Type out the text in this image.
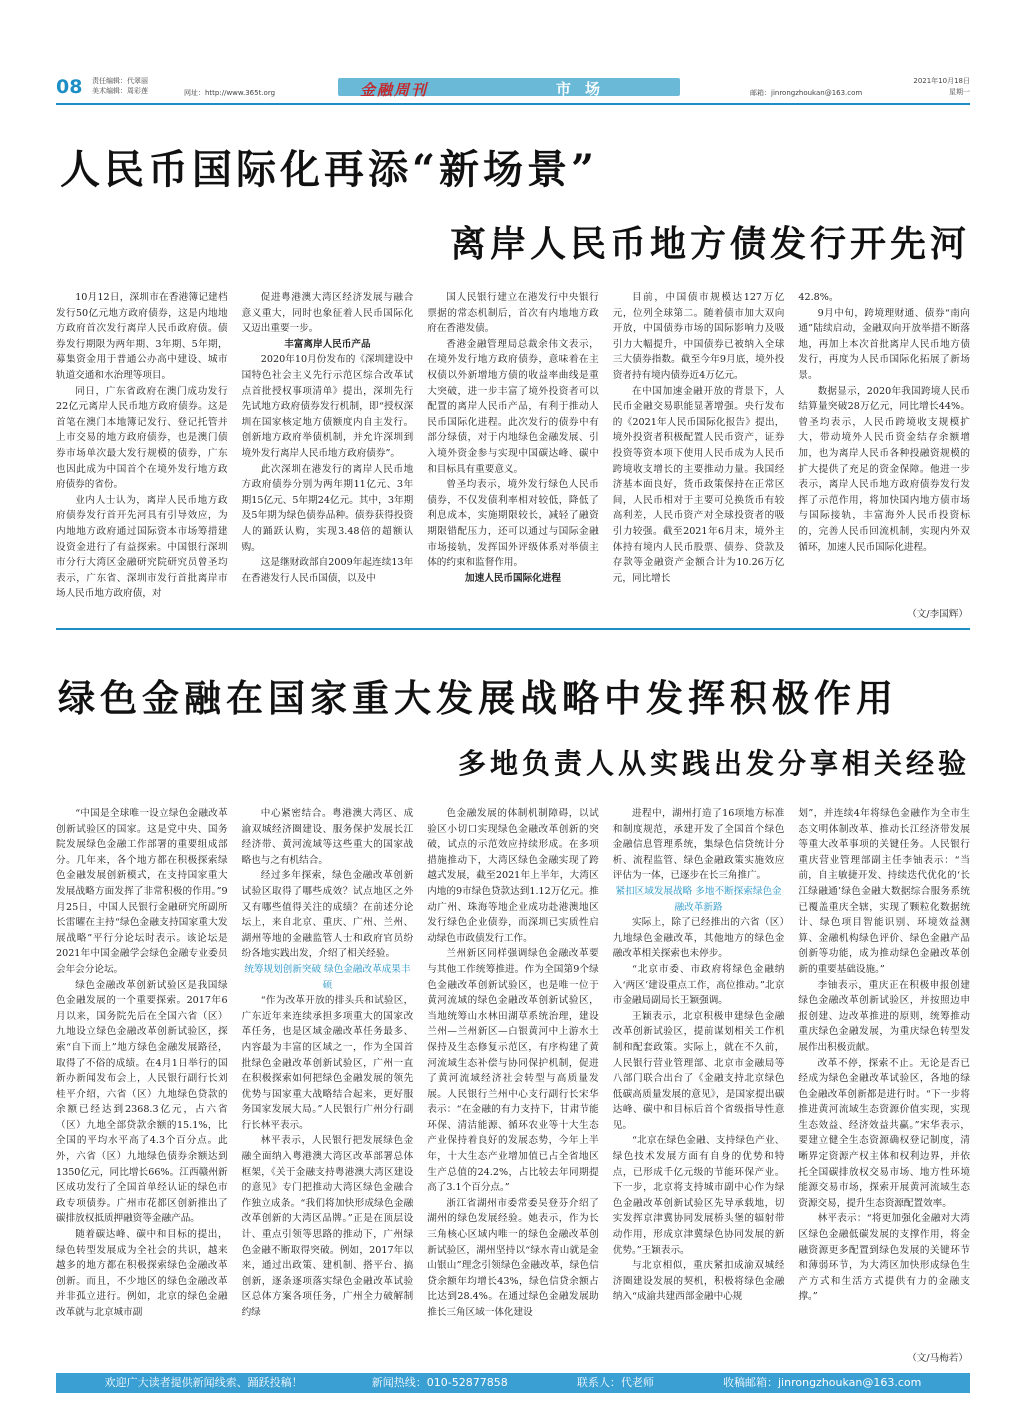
08 责任编辑：代翠丽
美术编辑：周彩莲	网址：http://www.365t.org	金融周刊	市场	邮箱：jinrongzhoukan@163.com
2021年10月18日
星期一
人民币国际化再添“新场景”
离岸人民币地方债发行开先河

10月12日，深圳市在香港簿记建档发行50亿元地方政府债券，这是内地地方政府首次发行离岸人民币政府债。债券发行期限为两年期、3年期、5年期，募集资金用于普通公办高中建设、城市轨道交通和水治理等项目。

同日，广东省政府在澳门成功发行22亿元离岸人民币地方政府债券。这是首笔在澳门本地簿记发行、登记托管并上市交易的地方政府债券，也是澳门债券市场单次最大发行规模的债券，广东也因此成为中国首个在境外发行地方政府债券的省份。

业内人士认为，离岸人民币地方政府债券发行首开先河具有引导效应，为内地地方政府通过国际资本市场筹措建设资金进行了有益探索。中国银行深圳市分行大湾区金融研究院研究员曾圣均表示，广东省、深圳市发行首批离岸市场人民币地方政府债，对

促进粤港澳大湾区经济发展与融合意义重大，同时也象征着人民币国际化又迈出重要一步。

丰富离岸人民币产品

2020年10月份发布的《深圳建设中国特色社会主义先行示范区综合改革试点首批授权事项清单》提出，深圳先行先试地方政府债券发行机制，即“授权深圳在国家核定地方债额度内自主发行。创新地方政府举债机制，并允许深圳到境外发行离岸人民币地方政府债券”。

此次深圳在港发行的离岸人民币地方政府债券分别为两年期11亿元、3年期15亿元、5年期24亿元。其中，3年期及5年期为绿色债券品种。债券获得投资人的踊跃认购，实现3.48倍的超额认购。

这是继财政部自2009年起连续13年在香港发行人民币国债，以及中

国人民银行建立在港发行中央银行票据的常态机制后，首次有内地地方政府在香港发债。

香港金融管理局总裁余伟文表示，在境外发行地方政府债券，意味着在主权债以外新增地方债的收益率曲线是重大突破，进一步丰富了境外投资者可以配置的离岸人民币产品，有利于推动人民币国际化进程。此次发行的债券中有部分绿债，对于内地绿色金融发展、引入境外资金参与实现中国碳达峰、碳中和目标具有重要意义。

曾圣均表示，境外发行绿色人民币债券，不仅发债利率相对较低，降低了利息成本，实施期限较长，减轻了融资期限错配压力，还可以通过与国际金融市场接轨，发挥国外评级体系对举债主体的约束和监督作用。

加速人民币国际化进程

目前，中国债市规模达127万亿元，位列全球第二。随着债市加大双向开放，中国债券市场的国际影响力及吸引力大幅提升，中国债券已被纳入全球三大债券指数。截至今年9月底，境外投资者持有境内债券近4万亿元。

在中国加速金融开放的背景下，人民币金融交易职能显著增强。央行发布的《2021年人民币国际化报告》提出，境外投资者积极配置人民币资产，证券投资等资本项下使用人民币成为人民币跨境收支增长的主要推动力量。我国经济基本面良好，货币政策保持在正常区间，人民币相对于主要可兑换货币有较高利差，人民币资产对全球投资者的吸引力较强。截至2021年6月末，境外主体持有境内人民币股票、债券、贷款及存款等金融资产金额合计为10.26万亿元，同比增长

42.8%。

9月中旬，跨境理财通、债券“南向通”陆续启动，金融双向开放举措不断落地，再加上本次首批离岸人民币地方债发行，再度为人民币国际化拓展了新场景。

数据显示，2020年我国跨境人民币结算量突破28万亿元，同比增长44%。曾圣均表示，人民币跨境收支规模扩大，带动境外人民币资金结存余额增加，也为离岸人民币各种投融资规模的扩大提供了充足的资金保障。他进一步表示，离岸人民币地方政府债券发行发挥了示范作用，将加快国内地方债市场与国际接轨，丰富海外人民币投资标的，完善人民币回流机制，实现内外双循环，加速人民币国际化进程。

（文/李国辉）
绿色金融在国家重大发展战略中发挥积极作用
多地负责人从实践出发分享相关经验

“中国是全球唯一设立绿色金融改革创新试验区的国家。这是党中央、国务院发展绿色金融工作部署的重要组成部分。几年来，各个地方都在积极探索绿色金融发展创新模式，在支持国家重大发展战略方面发挥了非常积极的作用。”9月25日，中国人民银行金融研究所副所长雷曜在主持“绿色金融支持国家重大发展战略”平行分论坛时表示。该论坛是2021年中国金融学会绿色金融专业委员会年会分论坛。

绿色金融改革创新试验区是我国绿色金融发展的一个重要探索。2017年6月以来，国务院先后在全国六省（区）九地设立绿色金融改革创新试验区，探索“自下而上”地方绿色金融发展路径，取得了不俗的成绩。在4月1日举行的国新办新闻发布会上，人民银行副行长刘桂平介绍，六省（区）九地绿色贷款的余额已经达到2368.3亿元，占六省（区）九地全部贷款余额的15.1%，比全国的平均水平高了4.3个百分点。此外，六省（区）九地绿色债券余额达到1350亿元，同比增长66%。江西赣州新区成功发行了全国首单经认证的绿色市政专项债券。广州市花都区创新推出了碳排放权抵质押融资等金融产品。

随着碳达峰、碳中和目标的提出，绿色转型发展成为全社会的共识，越来越多的地方都在积极探索绿色金融改革创新。而且，不少地区的绿色金融改革并非孤立进行。例如，北京的绿色金融改革就与北京城市副

中心紧密结合。粤港澳大湾区、成渝双城经济圈建设、服务保护发展长江经济带、黄河流域等这些重大的国家战略也与之有机结合。

经过多年探索，绿色金融改革创新试验区取得了哪些成效？试点地区之外又有哪些值得关注的成绩？在前述分论坛上，来自北京、重庆、广州、兰州、湖州等地的金融监管人士和政府官员纷纷各地实践出发，介绍了相关经验。

统筹规划创新突破 绿色金融改革成果丰硕

“作为改革开放的排头兵和试验区，广东近年来连续承担多项重大的国家改革任务，也是区域金融改革任务最多、内容最为丰富的区域之一，作为全国首批绿色金融改革创新试验区，广州一直在积极探索如何把绿色金融发展的领先优势与国家重大战略结合起来，更好服务国家发展大局。”人民银行广州分行副行长林平表示。

林平表示，人民银行把发展绿色金融全面纳入粤港澳大湾区改革部署总体框架，《关于金融支持粤港澳大湾区建设的意见》专门把推动大湾区绿色金融合作独立成条。“我们将加快形成绿色金融改革创新的大湾区品牌。”正是在顶层设计、重点引领等思路的推动下，广州绿色金融不断取得突破。例如，2017年以来，通过出政策、建机制、搭平台、搞创新，逐条逐项落实绿色金融改革试验区总体方案各项任务，广州全力破解制约绿

色金融发展的体制机制障碍，以试验区小切口实现绿色金融改革创新的突破，试点的示范效应持续形成。在多项措施推动下，大湾区绿色金融实现了跨越式发展，截至2021年上半年，大湾区内地的9市绿色贷款达到1.12万亿元。推动广州、珠海等地企业成功赴港澳地区发行绿色企业债券，而深圳已实质性启动绿色市政债发行工作。

兰州新区同样强调绿色金融改革要与其他工作统筹推进。作为全国第9个绿色金融改革创新试验区，也是唯一位于黄河流域的绿色金融改革创新试验区，当地统筹山水林田湖草系统治理，建设兰州—兰州新区—白银黄河中上游水土保持及生态修复示范区，有序构建了黄河流域生态补偿与协同保护机制，促进了黄河流域经济社会转型与高质量发展。人民银行兰州中心支行副行长宋华表示：“在金融的有力支持下，甘肃节能环保、清洁能源、循环农业等十大生态产业保持着良好的发展态势，今年上半年，十大生态产业增加值已占全省地区生产总值的24.2%，占比较去年同期提高了3.1个百分点。”

浙江省湖州市委常委吴登芬介绍了湖州的绿色发展经验。她表示，作为长三角核心区域内唯一的绿色金融改革创新试验区，湖州坚持以“绿水青山就是金山银山”理念引领绿色金融改革，绿色信贷余额年均增长43%，绿色信贷余额占比达到28.4%。在通过绿色金融发展助推长三角区域一体化建设

进程中，湖州打造了16项地方标准和制度规范，承建开发了全国首个绿色金融信息管理系统，集绿色信贷统计分析、流程监管、绿色金融政策实施效应评估为一体，已逐步在长三角推广。

紧扣区域发展战略 多地不断探索绿色金融改革新路

实际上，除了已经推出的六省（区）九地绿色金融改革，其他地方的绿色金融改革相关探索也未停步。

“北京市委、市政府将绿色金融纳入‘两区’建设重点工作，高位推动。”北京市金融局副局长王颖强调。

王颖表示，北京积极申建绿色金融改革创新试验区，提前谋划相关工作机制和配套政策。实际上，就在不久前，人民银行营业管理部、北京市金融局等八部门联合出台了《金融支持北京绿色低碳高质量发展的意见》，是国家提出碳达峰、碳中和目标后首个省级指导性意见。

“北京在绿色金融、支持绿色产业、绿色技术发展方面有自身的优势和特点，已形成千亿元级的节能环保产业。下一步，北京将支持城市副中心作为绿色金融改革创新试验区先导承载地，切实发挥京津冀协同发展桥头堡的辐射带动作用，形成京津冀绿色协同发展的新优势。”王颖表示。

与北京相似，重庆紧扣成渝双城经济圈建设发展的契机，积极将绿色金融纳入“成渝共建西部金融中心规

划”，并连续4年将绿色金融作为全市生态文明体制改革、推动长江经济带发展等重大改革事项的关键任务。人民银行重庆营业管理部副主任李铀表示：“当前，自主敏捷开发、持续迭代优化的‘长江绿融通’绿色金融大数据综合服务系统已覆盖重庆全辖，实现了颗粒化数据统计、绿色项目智能识别、环境效益测算、金融机构绿色评价、绿色金融产品创新等功能，成为推动绿色金融改革创新的重要基础设施。”

李铀表示，重庆正在积极申报创建绿色金融改革创新试验区，并按照边申报创建、边改革推进的原则，统筹推动重庆绿色金融发展，为重庆绿色转型发展作出积极贡献。

改革不停，探索不止。无论是否已经成为绿色金融改革试验区，各地的绿色金融改革创新都是进行时。“下一步将推进黄河流域生态资源价值实现，实现生态效益、经济效益共赢。”宋华表示，要建立健全生态资源确权登记制度，清晰界定资源产权主体和权利边界，并依托全国碳排放权交易市场、地方性环境能源交易市场，探索开展黄河流域生态资源交易，提升生态资源配置效率。

林平表示：“将更加强化金融对大湾区绿色金融低碳发展的支撑作用，将金融资源更多配置到绿色发展的关键环节和薄弱环节，为大湾区加快形成绿色生产方式和生活方式提供有力的金融支撑。”

（文/马梅若）
欢迎广大读者提供新闻线索、踊跃投稿！	新闻热线：010-52877858	联系人：代老师	收稿邮箱：jinrongzhoukan@163.com
